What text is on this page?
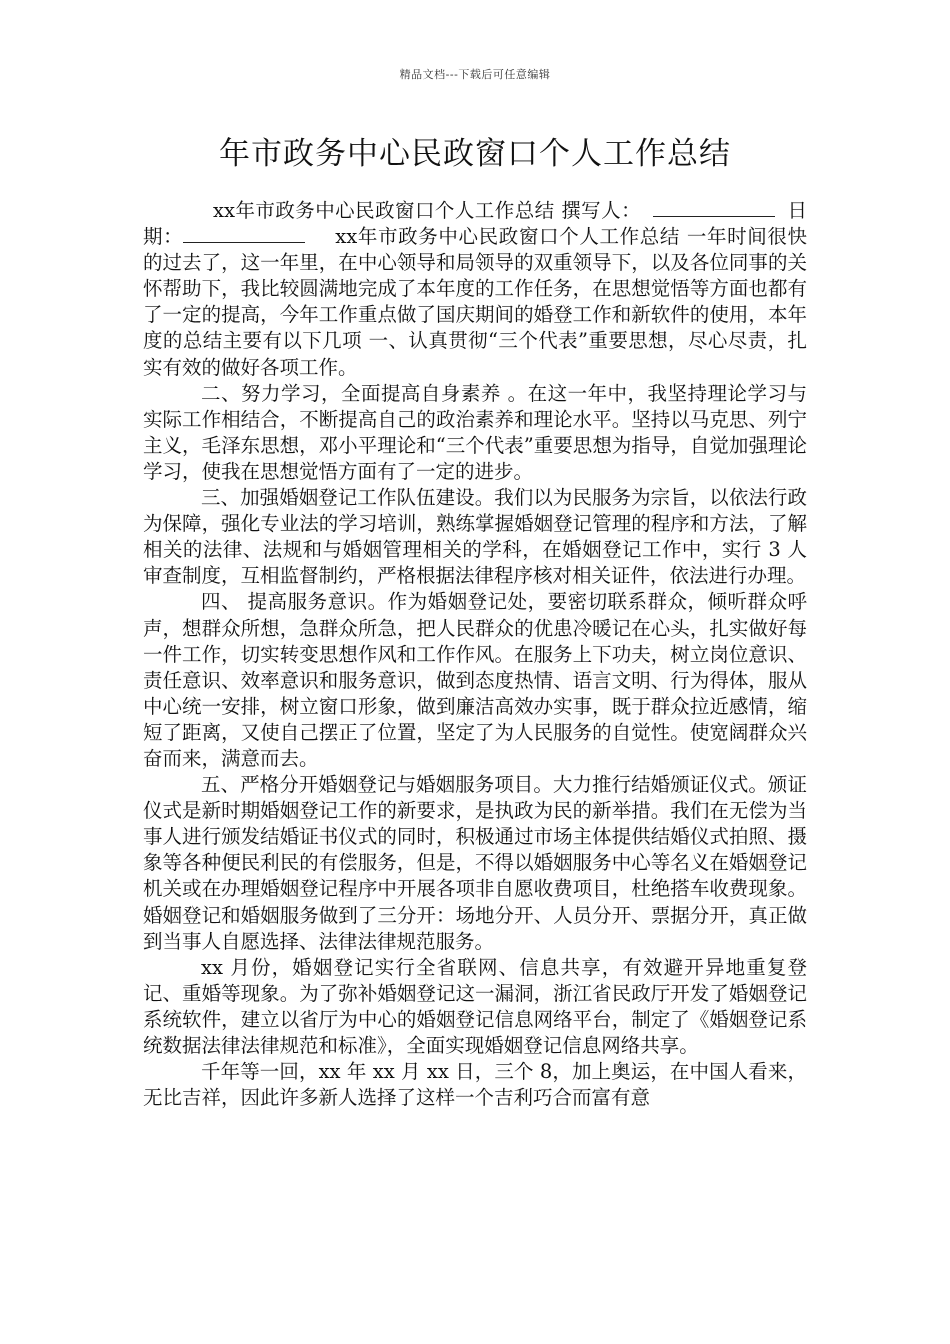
精品文档---下载后可任意编辑
年市政务中心民政窗口个人工作总结

xx年市政务中心民政窗口个人工作总结 撰写人：	日 期：	xx年市政务中心民政窗口个人工作总结 一年时间很快的过去了，这一年里，在中心领导和局领导的双重领导下，以及各位同事的关怀帮助下，我比较圆满地完成了本年度的工作任务，在思想觉悟等方面也都有了一定的提高，今年工作重点做了国庆期间的婚登工作和新软件的使用，本年度的总结主要有以下几项 一、认真贯彻“三个代表”重要思想，尽心尽责，扎实有效的做好各项工作。

二、努力学习，全面提高自身素养 。在这一年中，我坚持理论学习与实际工作相结合，不断提高自己的政治素养和理论水平。坚持以马克思、列宁主义，毛泽东思想，邓小平理论和“三个代表”重要思想为指导，自觉加强理论学习，使我在思想觉悟方面有了一定的进步。

三、加强婚姻登记工作队伍建设。我们以为民服务为宗旨，以依法行政为保障，强化专业法的学习培训，熟练掌握婚姻登记管理的程序和方法，了解相关的法律、法规和与婚姻管理相关的学科，在婚姻登记工作中，实行 3 人审查制度，互相监督制约，严格根据法律程序核对相关证件，依法进行办理。

四、 提高服务意识。作为婚姻登记处，要密切联系群众，倾听群众呼声，想群众所想，急群众所急，把人民群众的优患冷暖记在心头，扎实做好每一件工作，切实转变思想作风和工作作风。在服务上下功夫，树立岗位意识、责任意识、效率意识和服务意识，做到态度热情、语言文明、行为得体，服从中心统一安排，树立窗口形象，做到廉洁高效办实事，既于群众拉近感情，缩短了距离，又使自己摆正了位置，坚定了为人民服务的自觉性。使宽阔群众兴奋而来，满意而去。

五、严格分开婚姻登记与婚姻服务项目。大力推行结婚颁证仪式。颁证仪式是新时期婚姻登记工作的新要求，是执政为民的新举措。我们在无偿为当事人进行颁发结婚证书仪式的同时，积极通过市场主体提供结婚仪式拍照、摄象等各种便民利民的有偿服务，但是，不得以婚姻服务中心等名义在婚姻登记机关或在办理婚姻登记程序中开展各项非自愿收费项目，杜绝搭车收费现象。婚姻登记和婚姻服务做到了三分开：场地分开、人员分开、票据分开，真正做到当事人自愿选择、法律法律规范服务。

xx 月份，婚姻登记实行全省联网、信息共享，有效避开异地重复登记、重婚等现象。为了弥补婚姻登记这一漏洞，浙江省民政厅开发了婚姻登记系统软件，建立以省厅为中心的婚姻登记信息网络平台，制定了《婚姻登记系统数据法律法律规范和标准》，全面实现婚姻登记信息网络共享。

千年等一回，xx 年 xx 月 xx 日，三个 8，加上奥运，在中国人看来，无比吉祥，因此许多新人选择了这样一个吉利巧合而富有意
